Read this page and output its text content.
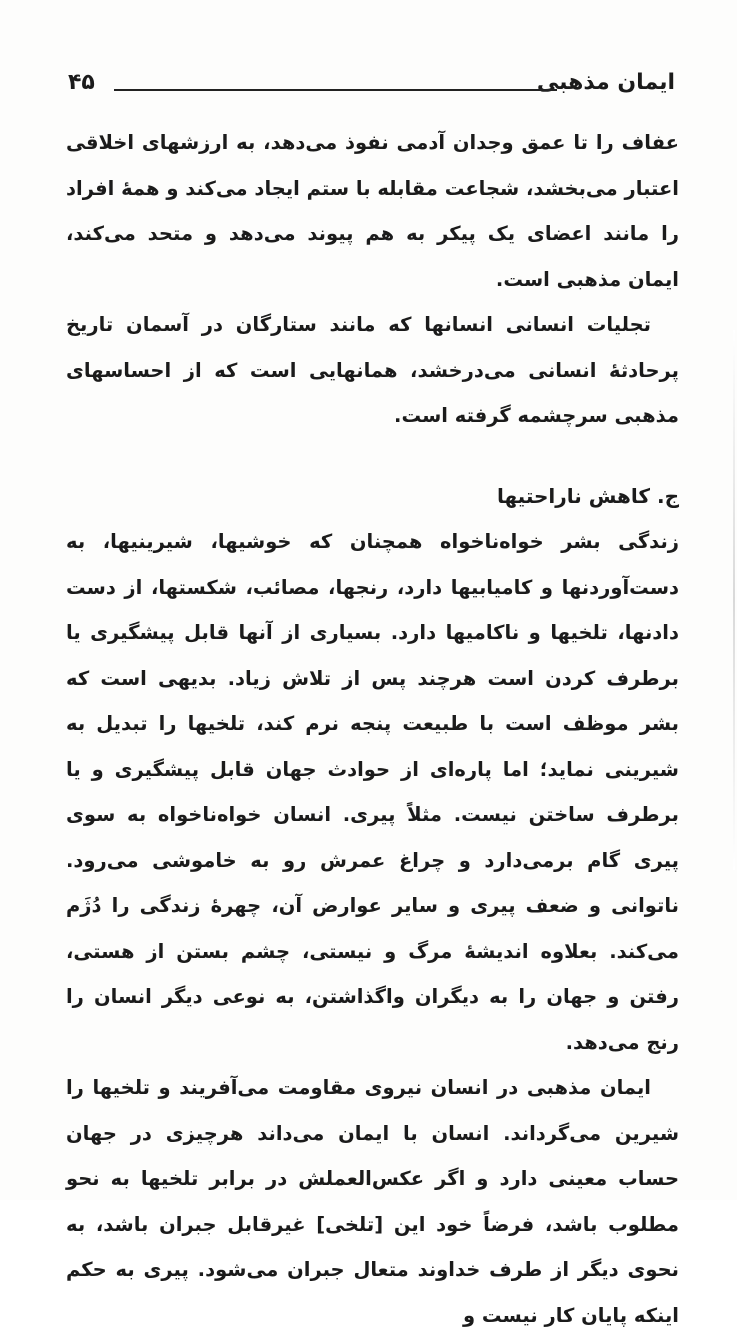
ایمان مذهبی
۴۵

عفاف را تا عمق وجدان آدمی نفوذ می‌دهد، به ارزشهای اخلاقی اعتبار می‌بخشد، شجاعت مقابله با ستم ایجاد می‌کند و همهٔ افراد را مانند اعضای یک پیکر به هم پیوند می‌دهد و متحد می‌کند، ایمان مذهبی است.

تجلیات انسانی انسانها که مانند ستارگان در آسمان تاریخ پرحادثهٔ انسانی می‌درخشد، همانهایی است که از احساسهای مذهبی سرچشمه گرفته است.

ج. کاهش ناراحتیها

زندگی بشر خواه‌ناخواه همچنان که خوشیها، شیرینیها، به دست‌آوردنها و کامیابیها دارد، رنجها، مصائب، شکستها، از دست دادنها، تلخیها و ناکامیها دارد. بسیاری از آنها قابل پیشگیری یا برطرف کردن است هرچند پس از تلاش زیاد. بدیهی است که بشر موظف است با طبیعت پنجه نرم کند، تلخیها را تبدیل به شیرینی نماید؛ اما پاره‌ای از حوادث جهان قابل پیشگیری و یا برطرف ساختن نیست. مثلاً پیری. انسان خواه‌ناخواه به سوی پیری گام برمی‌دارد و چراغ عمرش رو به خاموشی می‌رود. ناتوانی و ضعف پیری و سایر عوارض آن، چهرهٔ زندگی را دُژَم می‌کند. بعلاوه اندیشهٔ مرگ و نیستی، چشم بستن از هستی، رفتن و جهان را به دیگران واگذاشتن، به نوعی دیگر انسان را رنج می‌دهد.

ایمان مذهبی در انسان نیروی مقاومت می‌آفریند و تلخیها را شیرین می‌گرداند. انسان با ایمان می‌داند هرچیزی در جهان حساب معینی دارد و اگر عکس‌العملش در برابر تلخیها به نحو مطلوب باشد، فرضاً خود این [تلخی] غیرقابل جبران باشد، به نحوی دیگر از طرف خداوند متعال جبران می‌شود. پیری به حکم اینکه پایان کار نیست و
